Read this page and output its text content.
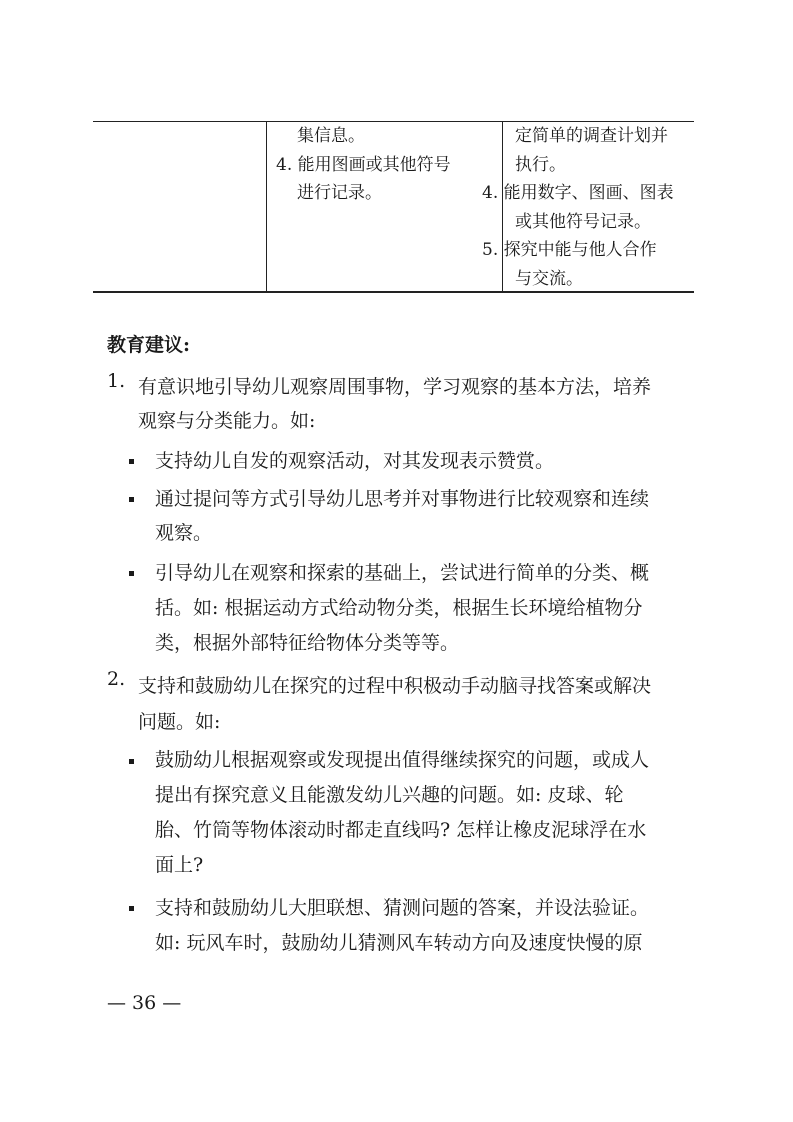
集信息。
4. 能用图画或其他符号
进行记录。
定简单的调查计划并
执行。
4. 能用数字、图画、图表
或其他符号记录。
5. 探究中能与他人合作
与交流。
教育建议:
1. 有意识地引导幼儿观察周围事物，学习观察的基本方法，培养
观察与分类能力。如:
支持幼儿自发的观察活动，对其发现表示赞赏。
通过提问等方式引导幼儿思考并对事物进行比较观察和连续
观察。
引导幼儿在观察和探索的基础上，尝试进行简单的分类、概
括。如: 根据运动方式给动物分类，根据生长环境给植物分
类，根据外部特征给物体分类等等。
2. 支持和鼓励幼儿在探究的过程中积极动手动脑寻找答案或解决
问题。如:
鼓励幼儿根据观察或发现提出值得继续探究的问题，或成人
提出有探究意义且能激发幼儿兴趣的问题。如: 皮球、轮
胎、竹筒等物体滚动时都走直线吗? 怎样让橡皮泥球浮在水
面上?
支持和鼓励幼儿大胆联想、猜测问题的答案，并设法验证。
如: 玩风车时，鼓励幼儿猜测风车转动方向及速度快慢的原
— 36 —
